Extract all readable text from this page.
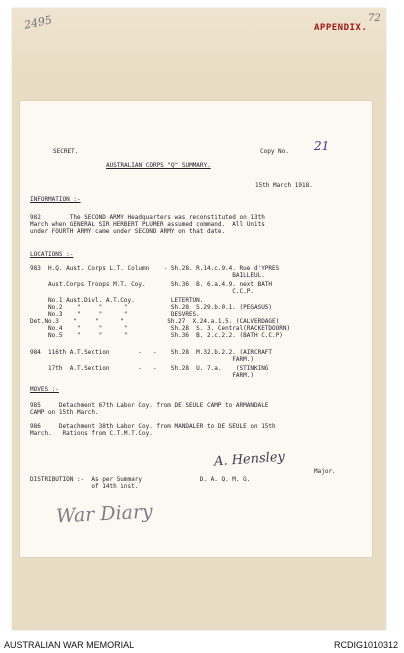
2495	72
APPENDIX.
SECRET.	Copy No. 21
AUSTRALIAN CORPS "Q" SUMMARY.
15th March 1918.
INFORMATION :-
982        The SECOND ARMY Headquarters was reconstituted on 13th
March when GENERAL SIR HERBERT PLUMER assumed command.  All Units
under FOURTH ARMY came under SECOND ARMY on that date.
LOCATIONS :-
983  H.Q. Aust. Corps L.T. Column    - Sh.28. R.14.c.9.4. Rue d'YPRES
BAILLEUL.
Aust.Corps Troops M.T. Coy.       Sh.36  B. 6.a.4.9. next BATH
C.C.P.
No.1 Aust.Divl. A.T.Coy.          LETERTUN.
No.2    "     "      "            Sh.28  S.29.b.0.1. (PEGASUS)
No.3    "     "      "            DESVRES.
Det.No.3    "     "      "            Sh.27  X.24.a.1.5. (CALVERDAGE)
No.4    "     "      "            Sh.28  S. 3. Central(RACKETDOORN)
No.5    "     "      "            Sh.36  B. 2.c.2.2. (BATH C.C.P)
984  116th A.T.Section        -   -    Sh.28  M.32.b.2.2. (AIRCRAFT
FARM.)
17th  A.T.Section        -   -    Sh.28  U. 7.a.    (STINKING
FARM.)
MOVES :-
985     Detachment 67th Labor Coy. from DE SEULE CAMP to ARMANDALE
CAMP on 15th March.
986     Detachment 38th Labor Coy. from MANDALER to DE SEULE on 15th
March.   Rations from C.T.M.T.Coy.
A. Hensley
Major.
DISTRIBUTION :-  As per Summary                D. A. Q. M. G.
of 14th inst.
War Diary
AUSTRALIAN WAR MEMORIAL	RCDIG1010312
